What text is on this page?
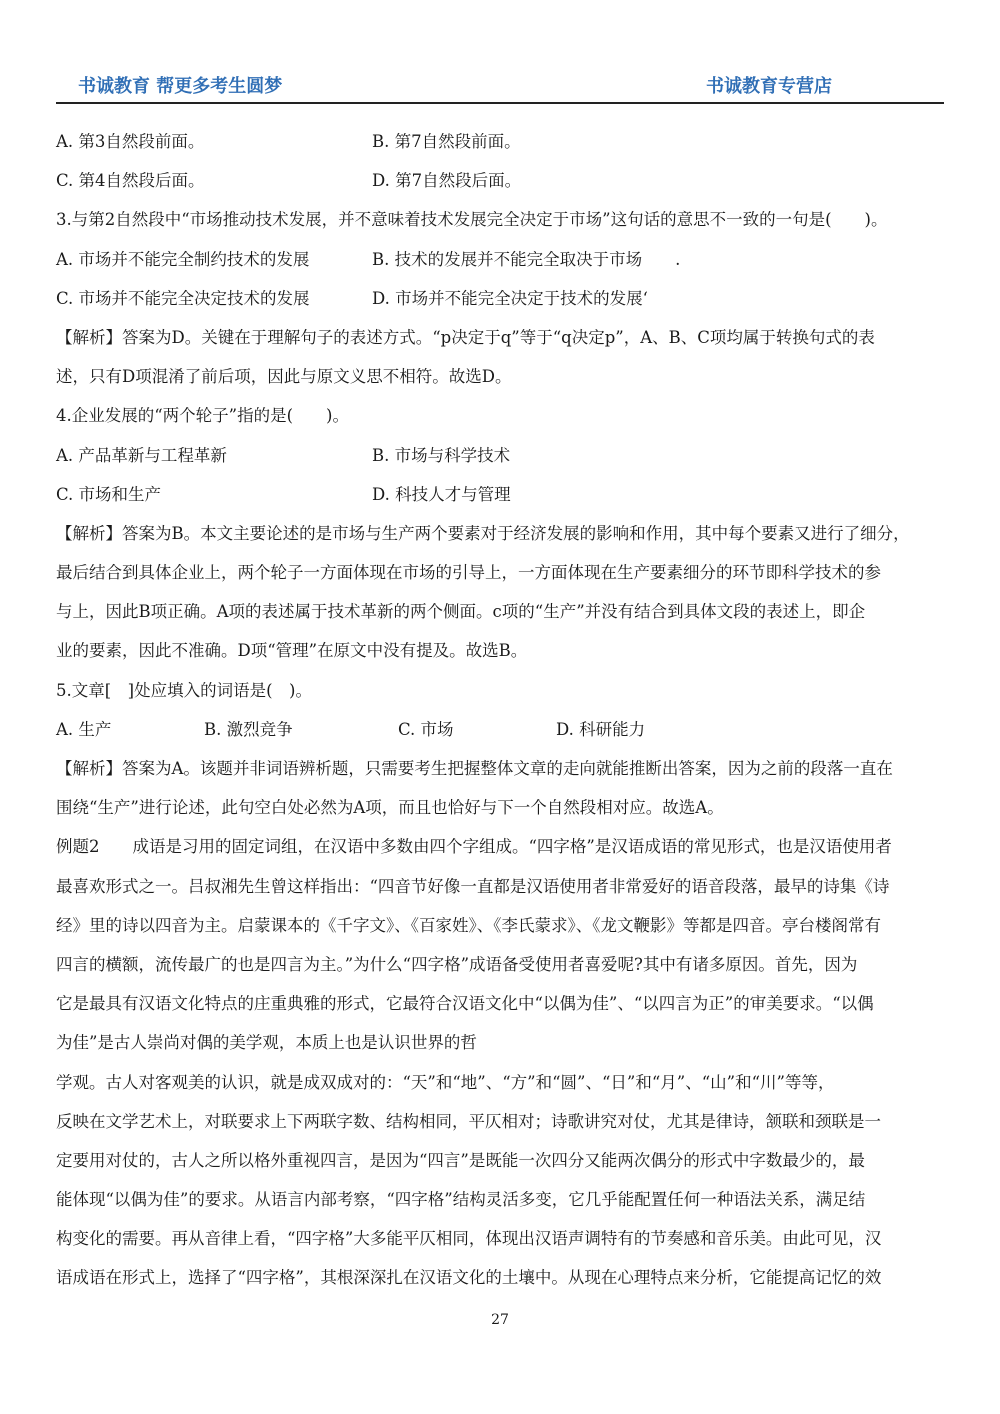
书诚教育 帮更多考生圆梦	书诚教育专营店
A. 第3自然段前面。	B. 第7自然段前面。
C. 第4自然段后面。	D. 第7自然段后面。
3.与第2自然段中“市场推动技术发展，并不意味着技术发展完全决定于市场”这句话的意思不一致的一句是(　　)。
A. 市场并不能完全制约技术的发展	B. 技术的发展并不能完全取决于市场　　.
C. 市场并不能完全决定技术的发展	D. 市场并不能完全决定于技术的发展‘
【解析】答案为D。关键在于理解句子的表述方式。“p决定于q”等于“q决定p”，A、B、C项均属于转换句式的表
述，只有D项混淆了前后项，因此与原文义思不相符。故选D。
4.企业发展的“两个轮子”指的是(　　)。
A. 产品革新与工程革新	B. 市场与科学技术
C. 市场和生产	D. 科技人才与管理
【解析】答案为B。本文主要论述的是市场与生产两个要素对于经济发展的影响和作用，其中每个要素又进行了细分，
最后结合到具体企业上，两个轮子一方面体现在市场的引导上，一方面体现在生产要素细分的环节即科学技术的参
与上，因此B项正确。A项的表述属于技术革新的两个侧面。c项的“生产”并没有结合到具体文段的表述上，即企
业的要素，因此不准确。D项“管理”在原文中没有提及。故选B。
5.文章[　]处应填入的词语是(　)。
A. 生产	B. 激烈竞争	C. 市场	D. 科研能力
【解析】答案为A。该题并非词语辨析题，只需要考生把握整体文章的走向就能推断出答案，因为之前的段落一直在
围绕“生产”进行论述，此句空白处必然为A项，而且也恰好与下一个自然段相对应。故选A。
例题2　　成语是习用的固定词组，在汉语中多数由四个字组成。“四字格”是汉语成语的常见形式，也是汉语使用者
最喜欢形式之一。吕叔湘先生曾这样指出：“四音节好像一直都是汉语使用者非常爱好的语音段落，最早的诗集《诗
经》里的诗以四音为主。启蒙课本的《千字文》、《百家姓》、《李氏蒙求》、《龙文鞭影》等都是四音。亭台楼阁常有
四言的横额，流传最广的也是四言为主。”为什么“四字格”成语备受使用者喜爱呢?其中有诸多原因。首先，因为
它是最具有汉语文化特点的庄重典雅的形式，它最符合汉语文化中“以偶为佳”、“以四言为正”的审美要求。“以偶
为佳”是古人崇尚对偶的美学观，本质上也是认识世界的哲
学观。古人对客观美的认识，就是成双成对的：“天”和“地”、“方”和“圆”、“日”和“月”、“山”和“川”等等，
反映在文学艺术上，对联要求上下两联字数、结构相同，平仄相对；诗歌讲究对仗，尤其是律诗，颔联和颈联是一
定要用对仗的，古人之所以格外重视四言，是因为“四言”是既能一次四分又能两次偶分的形式中字数最少的，最
能体现“以偶为佳”的要求。从语言内部考察，“四字格”结构灵活多变，它几乎能配置任何一种语法关系，满足结
构变化的需要。再从音律上看，“四字格”大多能平仄相同，体现出汉语声调特有的节奏感和音乐美。由此可见，汉
语成语在形式上，选择了“四字格”，其根深深扎在汉语文化的土壤中。从现在心理特点来分析，它能提高记忆的效
27
